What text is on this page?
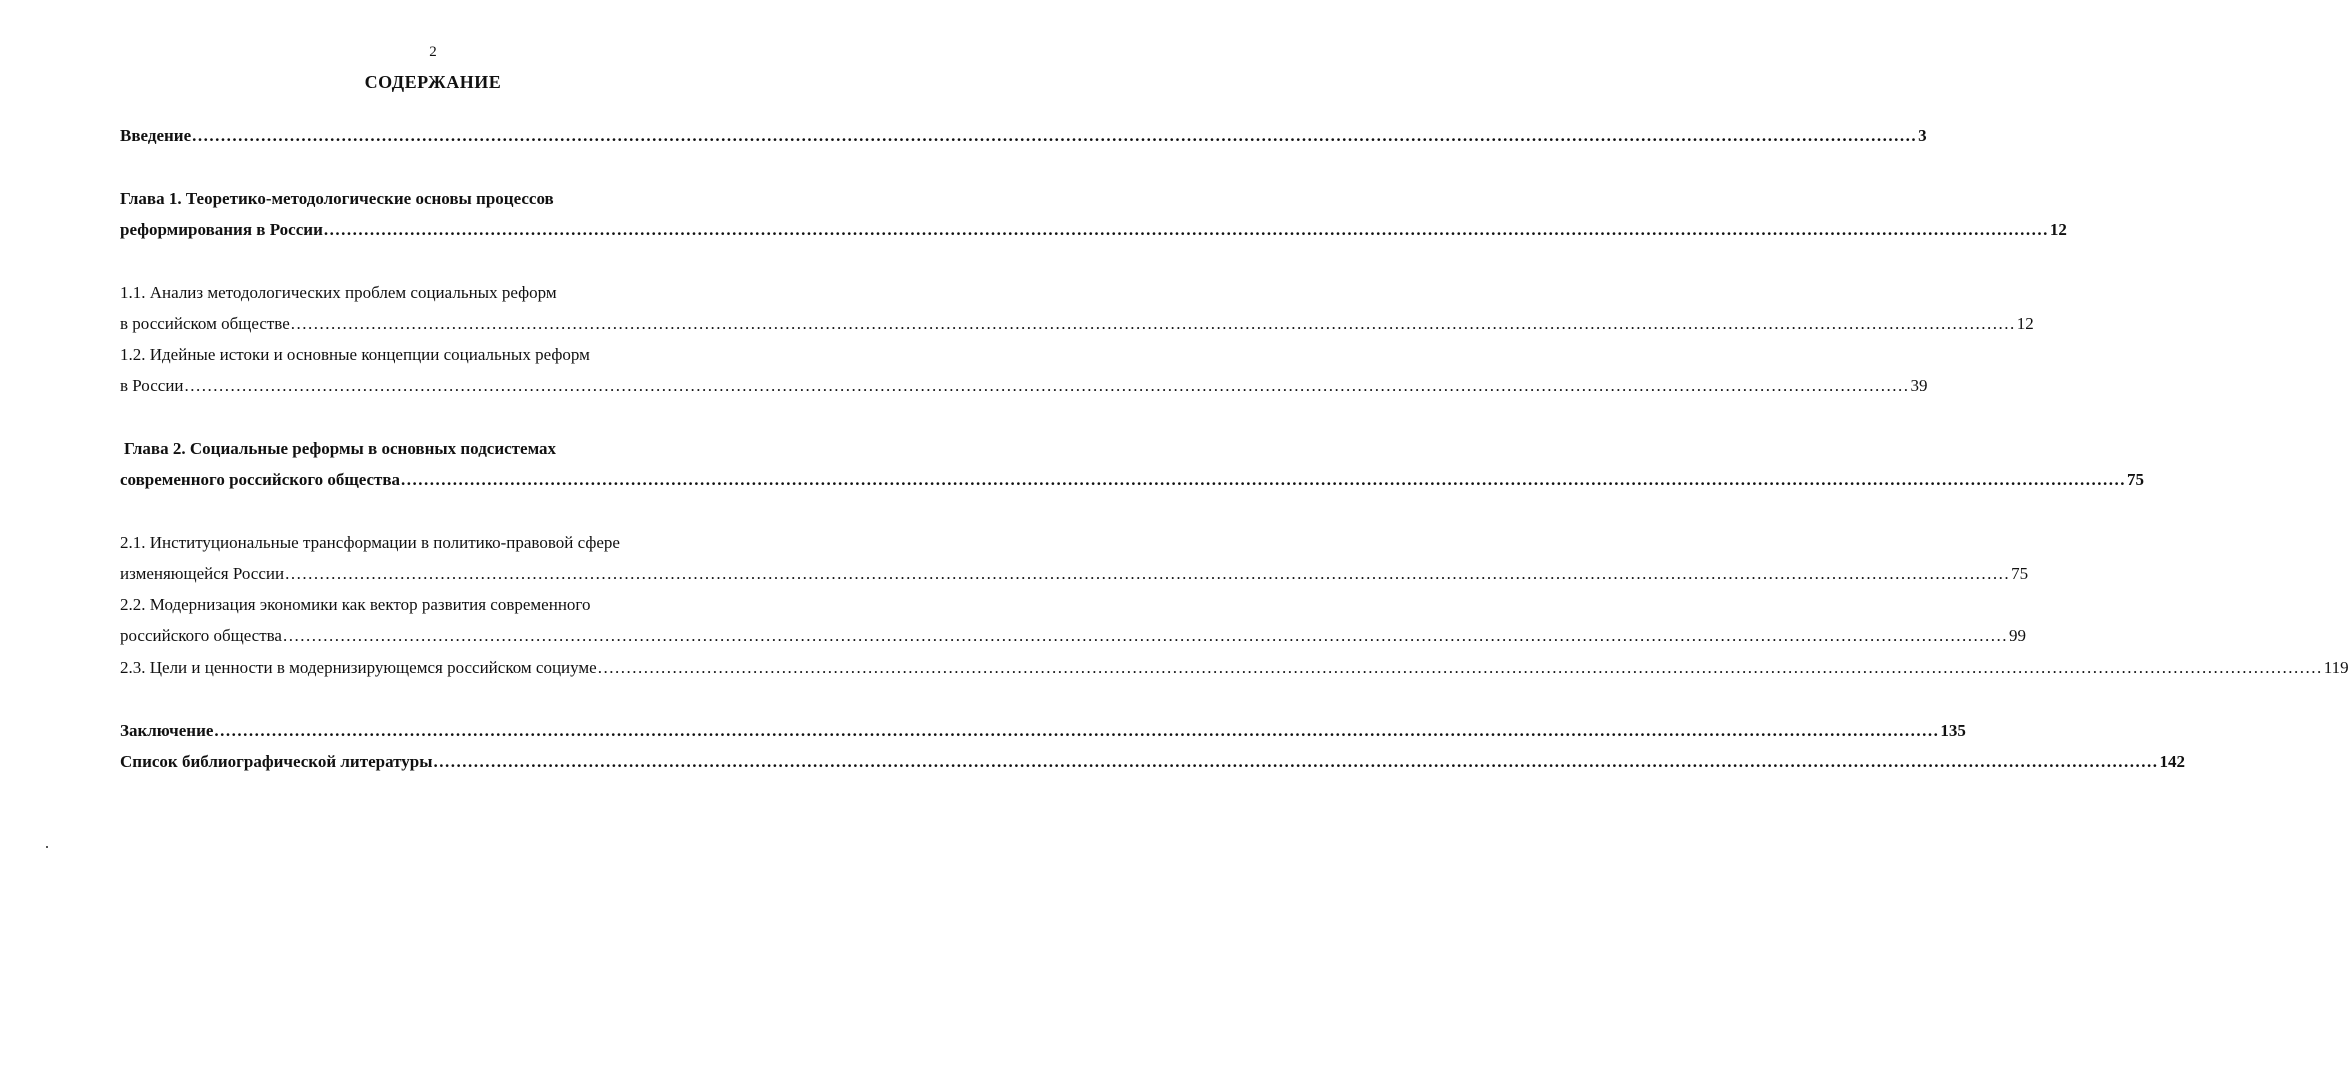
2
СОДЕРЖАНИЕ
Введение ............................................................................................................................................................................................................................................................................................................ 3
Глава 1. Теоретико-методологические основы процессов
реформирования в России ............................................................................................................................................................................................................................................................................................................ 12
1.1. Анализ методологических проблем социальных реформ
в российском обществе ............................................................................................................................................................................................................................................................................................................ 12
1.2. Идейные истоки и основные концепции социальных реформ
в России ............................................................................................................................................................................................................................................................................................................ 39
Глава 2. Социальные реформы в основных подсистемах
современного российского общества ............................................................................................................................................................................................................................................................................................................ 75
2.1. Институциональные трансформации в политико-правовой сфере
изменяющейся России ............................................................................................................................................................................................................................................................................................................ 75
2.2. Модернизация экономики как вектор развития современного
российского общества ............................................................................................................................................................................................................................................................................................................ 99
2.3. Цели и ценности в модернизирующемся российском социуме ............................................................................................................................................................................................................................................................................................................ 119
Заключение ............................................................................................................................................................................................................................................................................................................ 135
Список библиографической литературы ............................................................................................................................................................................................................................................................................................................ 142
